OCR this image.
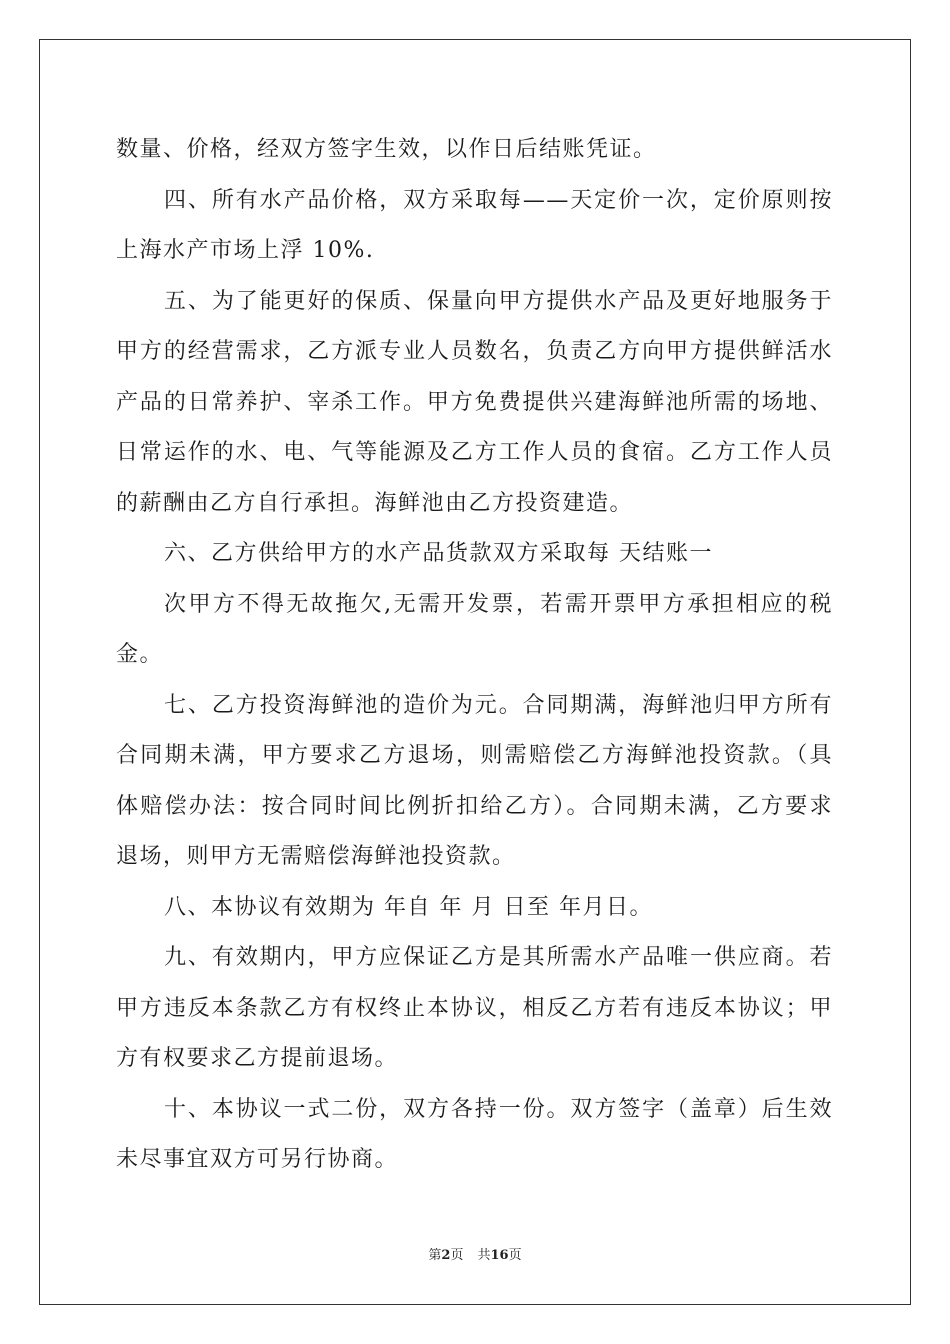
数量、价格，经双方签字生效，以作日后结账凭证。
四、所有水产品价格，双方采取每——天定价一次，定价原则按
上海水产市场上浮 10%.
五、为了能更好的保质、保量向甲方提供水产品及更好地服务于
甲方的经营需求，乙方派专业人员数名，负责乙方向甲方提供鲜活水
产品的日常养护、宰杀工作。甲方免费提供兴建海鲜池所需的场地、
日常运作的水、电、气等能源及乙方工作人员的食宿。乙方工作人员
的薪酬由乙方自行承担。海鲜池由乙方投资建造。
六、乙方供给甲方的水产品货款双方采取每 天结账一
次甲方不得无故拖欠,无需开发票，若需开票甲方承担相应的税
金。
七、乙方投资海鲜池的造价为元。合同期满，海鲜池归甲方所有
合同期未满，甲方要求乙方退场，则需赔偿乙方海鲜池投资款。（具
体赔偿办法：按合同时间比例折扣给乙方）。合同期未满，乙方要求
退场，则甲方无需赔偿海鲜池投资款。
八、本协议有效期为 年自 年 月 日至 年月日。
九、有效期内，甲方应保证乙方是其所需水产品唯一供应商。若
甲方违反本条款乙方有权终止本协议，相反乙方若有违反本协议；甲
方有权要求乙方提前退场。
十、本协议一式二份，双方各持一份。双方签字（盖章）后生效
未尽事宜双方可另行协商。
第2页 共16页
